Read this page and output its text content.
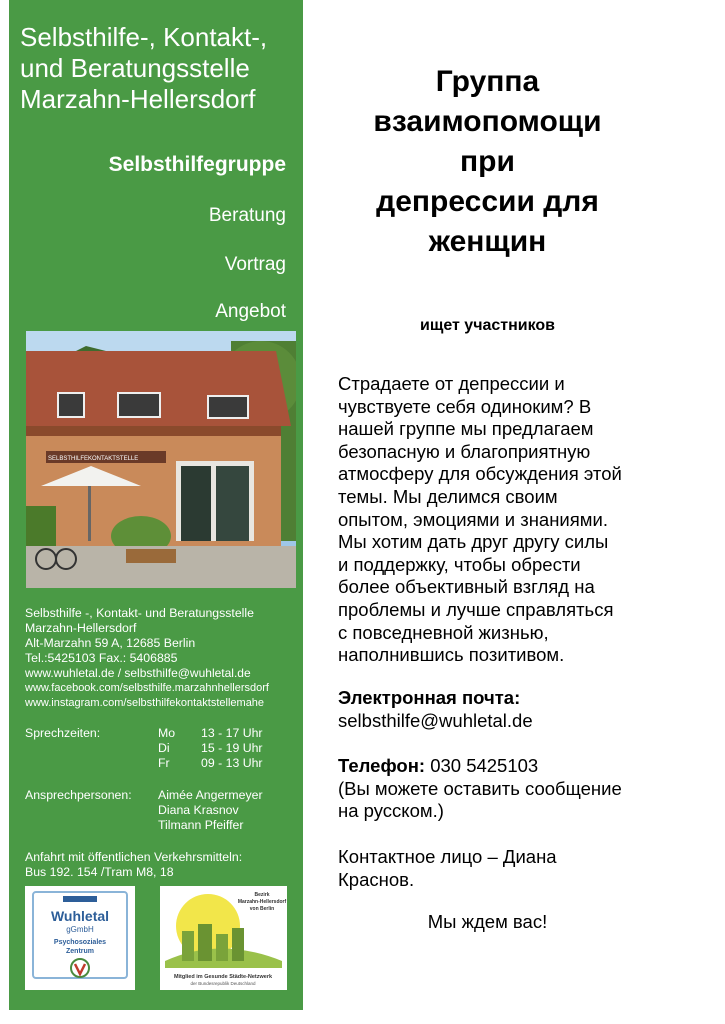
Selbsthilfe-, Kontakt-,
und Beratungsstelle
Marzahn-Hellersdorf
Selbsthilfegruppe
Beratung
Vortrag
Angebot
SELBSTHILFEKONTAKTSTELLE
Selbsthilfe -, Kontakt- und Beratungsstelle
Marzahn-Hellersdorf
Alt-Marzahn 59 A, 12685 Berlin
Tel.:5425103 Fax.: 5406885
www.wuhletal.de / selbsthilfe@wuhletal.de
www.facebook.com/selbsthilfe.marzahnhellersdorf
www.instagram.com/selbsthilfekontaktstellemahe
Sprechzeiten:	Mo 13 - 17 Uhr
Di	15 - 19 Uhr
Fr	09 - 13 Uhr
Ansprechpersonen: Aimée Angermeyer
Diana Krasnov
Tilmann Pfeiffer
Anfahrt mit öffentlichen Verkehrsmitteln:
Bus 192. 154 /Tram M8, 18
Wuhletal
gGmbH
Psychosoziales
Zentrum
Bezirk
Marzahn-Hellersdorf
von Berlin
Mitglied im Gesunde Städte-Netzwerk
der Bundesrepublik Deutschland
Группа
взаимопомощи
при
депрессии для
женщин
ищет участников
Страдаете от депрессии и
чувствуете себя одиноким? В
нашей группе мы предлагаем
безопасную и благоприятную
атмосферу для обсуждения этой
темы. Мы делимся своим
опытом, эмоциями и знаниями.
Мы хотим дать друг другу силы
и поддержку, чтобы обрести
более объективный взгляд на
проблемы и лучше справляться
с повседневной жизнью,
наполнившись позитивом.
Электронная почта:
selbsthilfe@wuhletal.de
Телефон: 030 5425103
(Вы можете оставить сообщение
на русском.)
Контактное лицо – Диана
Краснов.
Мы ждем вас!
